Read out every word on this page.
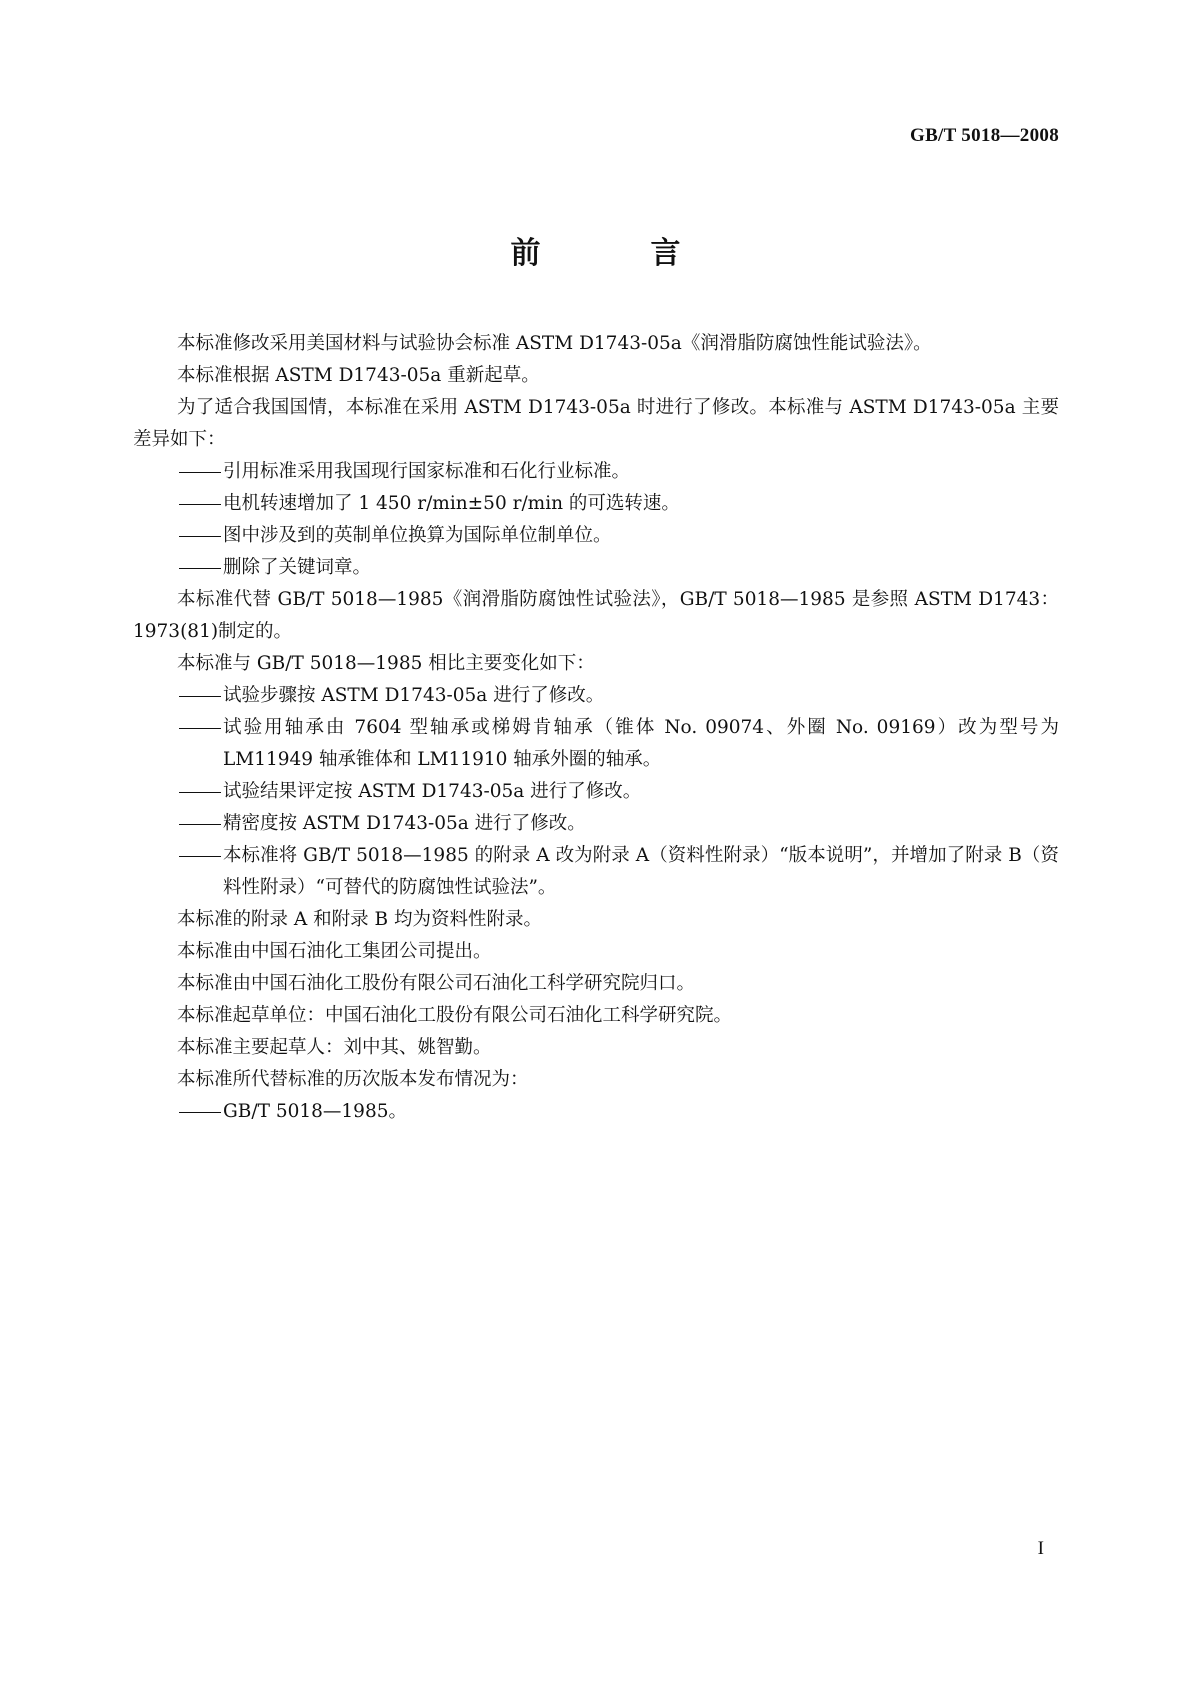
GB/T 5018—2008
前　言

本标准修改采用美国材料与试验协会标准 ASTM D1743-05a《润滑脂防腐蚀性能试验法》。

本标准根据 ASTM D1743-05a 重新起草。

为了适合我国国情，本标准在采用 ASTM D1743-05a 时进行了修改。本标准与 ASTM D1743-05a 主要差异如下：

引用标准采用我国现行国家标准和石化行业标准。

电机转速增加了 1 450 r/min±50 r/min 的可选转速。

图中涉及到的英制单位换算为国际单位制单位。

删除了关键词章。

本标准代替 GB/T 5018—1985《润滑脂防腐蚀性试验法》，GB/T 5018—1985 是参照 ASTM D1743：1973(81)制定的。

本标准与 GB/T 5018—1985 相比主要变化如下：

试验步骤按 ASTM D1743-05a 进行了修改。

试验用轴承由 7604 型轴承或梯姆肯轴承（锥体 No. 09074、外圈 No. 09169）改为型号为 LM11949 轴承锥体和 LM11910 轴承外圈的轴承。

试验结果评定按 ASTM D1743-05a 进行了修改。

精密度按 ASTM D1743-05a 进行了修改。

本标准将 GB/T 5018—1985 的附录 A 改为附录 A（资料性附录）“版本说明”，并增加了附录 B（资料性附录）“可替代的防腐蚀性试验法”。

本标准的附录 A 和附录 B 均为资料性附录。

本标准由中国石油化工集团公司提出。

本标准由中国石油化工股份有限公司石油化工科学研究院归口。

本标准起草单位：中国石油化工股份有限公司石油化工科学研究院。

本标准主要起草人：刘中其、姚智勤。

本标准所代替标准的历次版本发布情况为：

GB/T 5018—1985。

I
